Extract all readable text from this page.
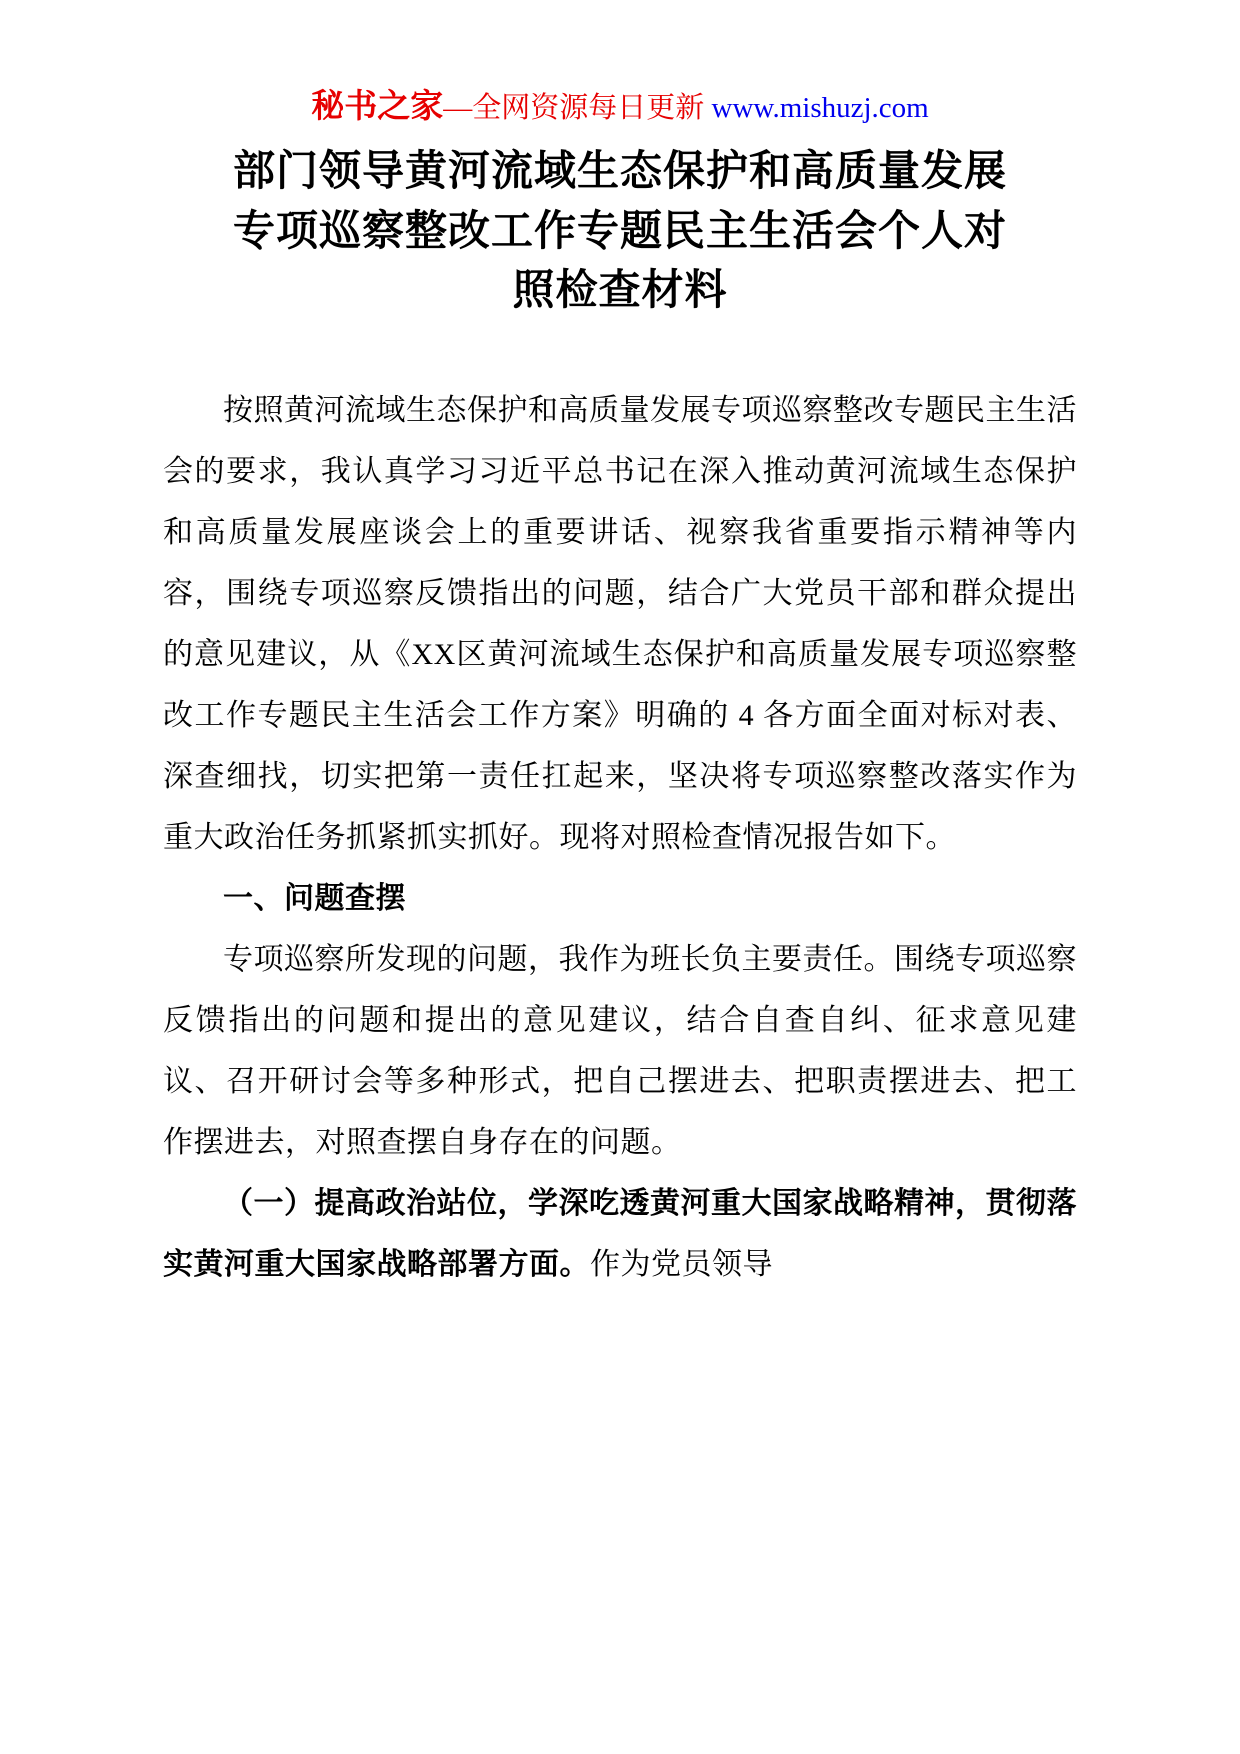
秘书之家—全网资源每日更新 www.mishuzj.com
部门领导黄河流域生态保护和高质量发展专项巡察整改工作专题民主生活会个人对照检查材料

按照黄河流域生态保护和高质量发展专项巡察整改专题民主生活会的要求，我认真学习习近平总书记在深入推动黄河流域生态保护和高质量发展座谈会上的重要讲话、视察我省重要指示精神等内容，围绕专项巡察反馈指出的问题，结合广大党员干部和群众提出的意见建议，从《XX区黄河流域生态保护和高质量发展专项巡察整改工作专题民主生活会工作方案》明确的 4 各方面全面对标对表、深查细找，切实把第一责任扛起来，坚决将专项巡察整改落实作为重大政治任务抓紧抓实抓好。现将对照检查情况报告如下。

一、问题查摆

专项巡察所发现的问题，我作为班长负主要责任。围绕专项巡察反馈指出的问题和提出的意见建议，结合自查自纠、征求意见建议、召开研讨会等多种形式，把自己摆进去、把职责摆进去、把工作摆进去，对照查摆自身存在的问题。

（一）提高政治站位，学深吃透黄河重大国家战略精神，贯彻落实黄河重大国家战略部署方面。作为党员领导
